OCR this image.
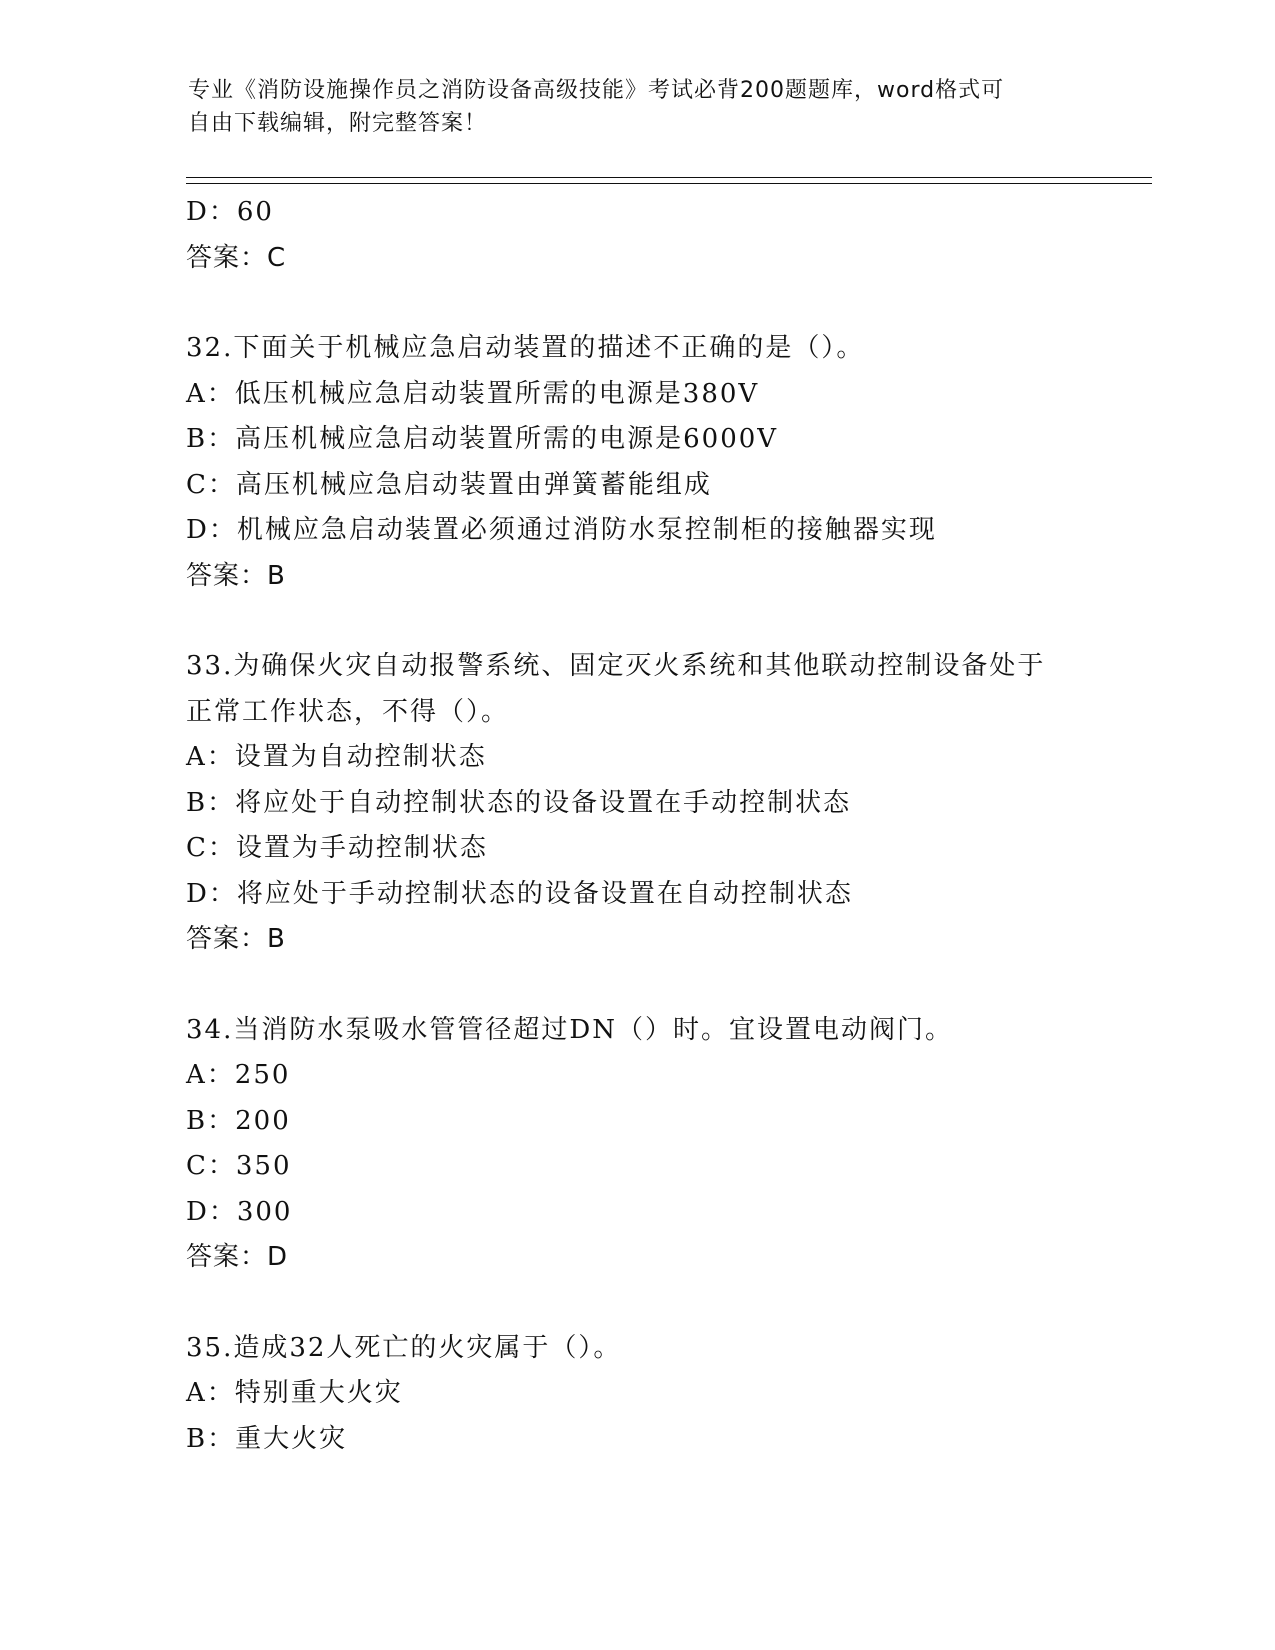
专业《消防设施操作员之消防设备高级技能》考试必背200题题库，word格式可
自由下载编辑，附完整答案！
D：60
答案：C
32.下面关于机械应急启动装置的描述不正确的是（）。
A：低压机械应急启动装置所需的电源是380V
B：高压机械应急启动装置所需的电源是6000V
C：高压机械应急启动装置由弹簧蓄能组成
D：机械应急启动装置必须通过消防水泵控制柜的接触器实现
答案：B
33.为确保火灾自动报警系统、固定灭火系统和其他联动控制设备处于
正常工作状态，不得（）。
A：设置为自动控制状态
B：将应处于自动控制状态的设备设置在手动控制状态
C：设置为手动控制状态
D：将应处于手动控制状态的设备设置在自动控制状态
答案：B
34.当消防水泵吸水管管径超过DN（）时。宜设置电动阀门。
A：250
B：200
C：350
D：300
答案：D
35.造成32人死亡的火灾属于（）。
A：特别重大火灾
B：重大火灾
